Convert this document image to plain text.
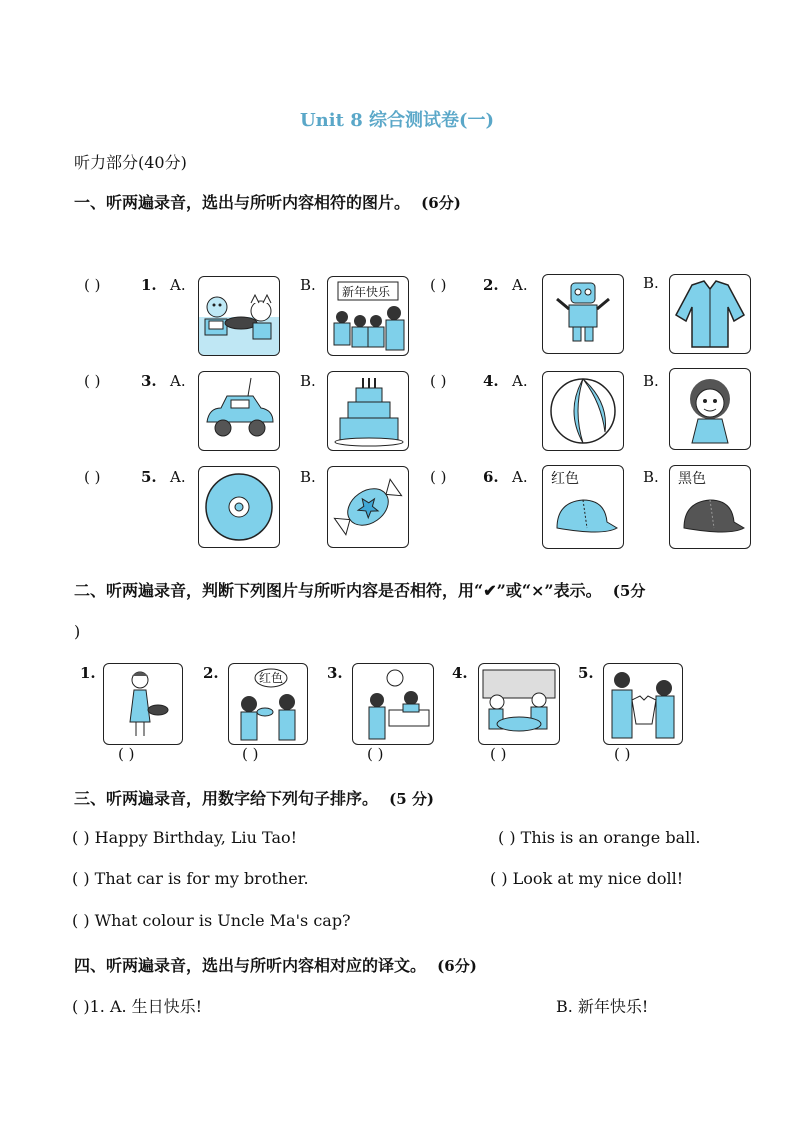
Unit 8 综合测试卷(一)
听力部分(40分)
一、听两遍录音，选出与所听内容相符的图片。 (6分)
( )	1. A.	B. 新年快乐	( ) 2. A.	B.
( )	3. A.	B.	( ) 4. A.	B.
( )	5. A.	B.	( ) 6. A. 红色	B. 黑色
二、听两遍录音，判断下列图片与所听内容是否相符，用“✔”或“×”表示。 (5分
)
1.
( )
2.	红色
( )
3.
( )
4.
( )
5.
( )
三、听两遍录音，用数字给下列句子排序。 (5 分)
( ) Happy Birthday, Liu Tao!	( ) This is an orange ball.
( ) That car is for my brother.	( ) Look at my nice doll!
( ) What colour is Uncle Ma's cap?
四、听两遍录音，选出与所听内容相对应的译文。 (6分)
( )1. A. 生日快乐!	B. 新年快乐!
